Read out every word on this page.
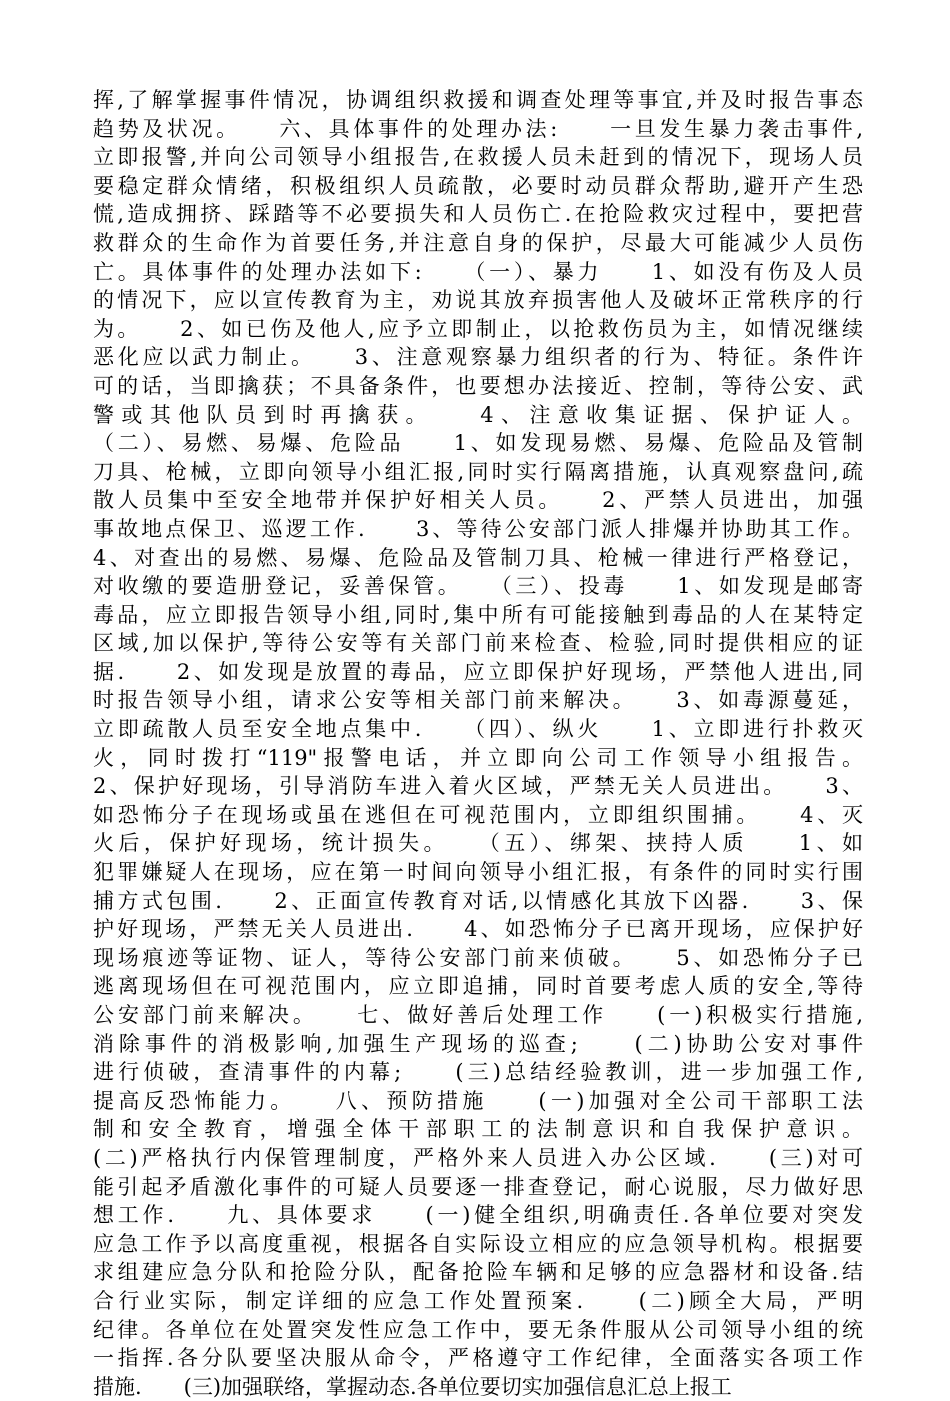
挥,了解掌握事件情况，协调组织救援和调查处理等事宜,并及时报告事态
趋势及状况。　　六、具体事件的处理办法:　　一旦发生暴力袭击事件,
立即报警,并向公司领导小组报告,在救援人员未赶到的情况下，现场人员
要稳定群众情绪，积极组织人员疏散，必要时动员群众帮助,避开产生恐
慌,造成拥挤、踩踏等不必要损失和人员伤亡.在抢险救灾过程中，要把营
救群众的生命作为首要任务,并注意自身的保护，尽最大可能减少人员伤
亡。具体事件的处理办法如下:　　（一）、暴力　　1、如没有伤及人员
的情况下，应以宣传教育为主，劝说其放弃损害他人及破坏正常秩序的行
为。　　2、如已伤及他人,应予立即制止，以抢救伤员为主，如情况继续
恶化应以武力制止。　　3、注意观察暴力组织者的行为、特征。条件许
可的话，当即擒获；不具备条件，也要想办法接近、控制，等待公安、武
警或其他队员到时再擒获。　　4、注意收集证据、保护证人。
（二）、易燃、易爆、危险品　　1、如发现易燃、易爆、危险品及管制
刀具、枪械，立即向领导小组汇报,同时实行隔离措施，认真观察盘问,疏
散人员集中至安全地带并保护好相关人员。　　2、严禁人员进出，加强
事故地点保卫、巡逻工作.　　3、等待公安部门派人排爆并协助其工作。
4、对查出的易燃、易爆、危险品及管制刀具、枪械一律进行严格登记，
对收缴的要造册登记，妥善保管。　　（三）、投毒　　1、如发现是邮寄
毒品，应立即报告领导小组,同时,集中所有可能接触到毒品的人在某特定
区域,加以保护,等待公安等有关部门前来检查、检验,同时提供相应的证
据.　　2、如发现是放置的毒品，应立即保护好现场，严禁他人进出,同
时报告领导小组，请求公安等相关部门前来解决。　　3、如毒源蔓延，
立即疏散人员至安全地点集中.　　（四）、纵火　　1、立即进行扑救灭
火，同时拨打“119"报警电话，并立即向公司工作领导小组报告。
2、保护好现场，引导消防车进入着火区域，严禁无关人员进出。　　3、
如恐怖分子在现场或虽在逃但在可视范围内，立即组织围捕。　　4、灭
火后，保护好现场，统计损失。　　（五）、绑架、挟持人质　　1、如
犯罪嫌疑人在现场，应在第一时间向领导小组汇报，有条件的同时实行围
捕方式包围.　　2、正面宣传教育对话,以情感化其放下凶器.　　3、保
护好现场，严禁无关人员进出.　　4、如恐怖分子已离开现场，应保护好
现场痕迹等证物、证人，等待公安部门前来侦破。　　5、如恐怖分子已
逃离现场但在可视范围内，应立即追捕，同时首要考虑人质的安全,等待
公安部门前来解决。　　七、做好善后处理工作　　(一)积极实行措施,
消除事件的消极影响,加强生产现场的巡查;　　(二)协助公安对事件
进行侦破，查清事件的内幕;　　(三)总结经验教训，进一步加强工作,
提高反恐怖能力。　　八、预防措施　　(一)加强对全公司干部职工法
制和安全教育，增强全体干部职工的法制意识和自我保护意识。
(二)严格执行内保管理制度，严格外来人员进入办公区域.　　(三)对可
能引起矛盾激化事件的可疑人员要逐一排查登记，耐心说服，尽力做好思
想工作.　　九、具体要求　　(一)健全组织,明确责任.各单位要对突发
应急工作予以高度重视，根据各自实际设立相应的应急领导机构。根据要
求组建应急分队和抢险分队，配备抢险车辆和足够的应急器材和设备.结
合行业实际，制定详细的应急工作处置预案.　　(二)顾全大局，严明
纪律。各单位在处置突发性应急工作中，要无条件服从公司领导小组的统
一指挥.各分队要坚决服从命令，严格遵守工作纪律，全面落实各项工作
措施.　　(三)加强联络，掌握动态.各单位要切实加强信息汇总上报工
